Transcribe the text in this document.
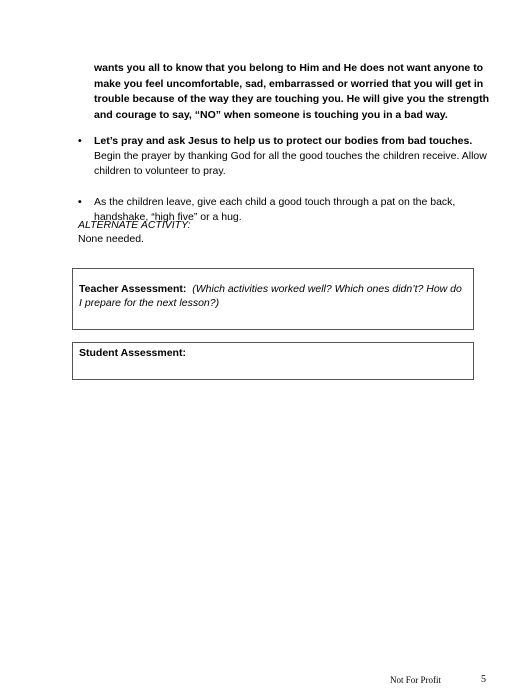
wants you all to know that you belong to Him and He does not want anyone to make you feel uncomfortable, sad, embarrassed or worried that you will get in trouble because of the way they are touching you. He will give you the strength and courage to say, “NO” when someone is touching you in a bad way.

• Let’s pray and ask Jesus to help us to protect our bodies from bad touches. Begin the prayer by thanking God for all the good touches the children receive. Allow children to volunteer to pray.
• As the children leave, give each child a good touch through a pat on the back, handshake, “high five” or a hug.

ALTERNATE ACTIVITY:

None needed.

Teacher Assessment: (Which activities worked well? Which ones didn’t? How do I prepare for the next lesson?)
Student Assessment:
Not For Profit	5
